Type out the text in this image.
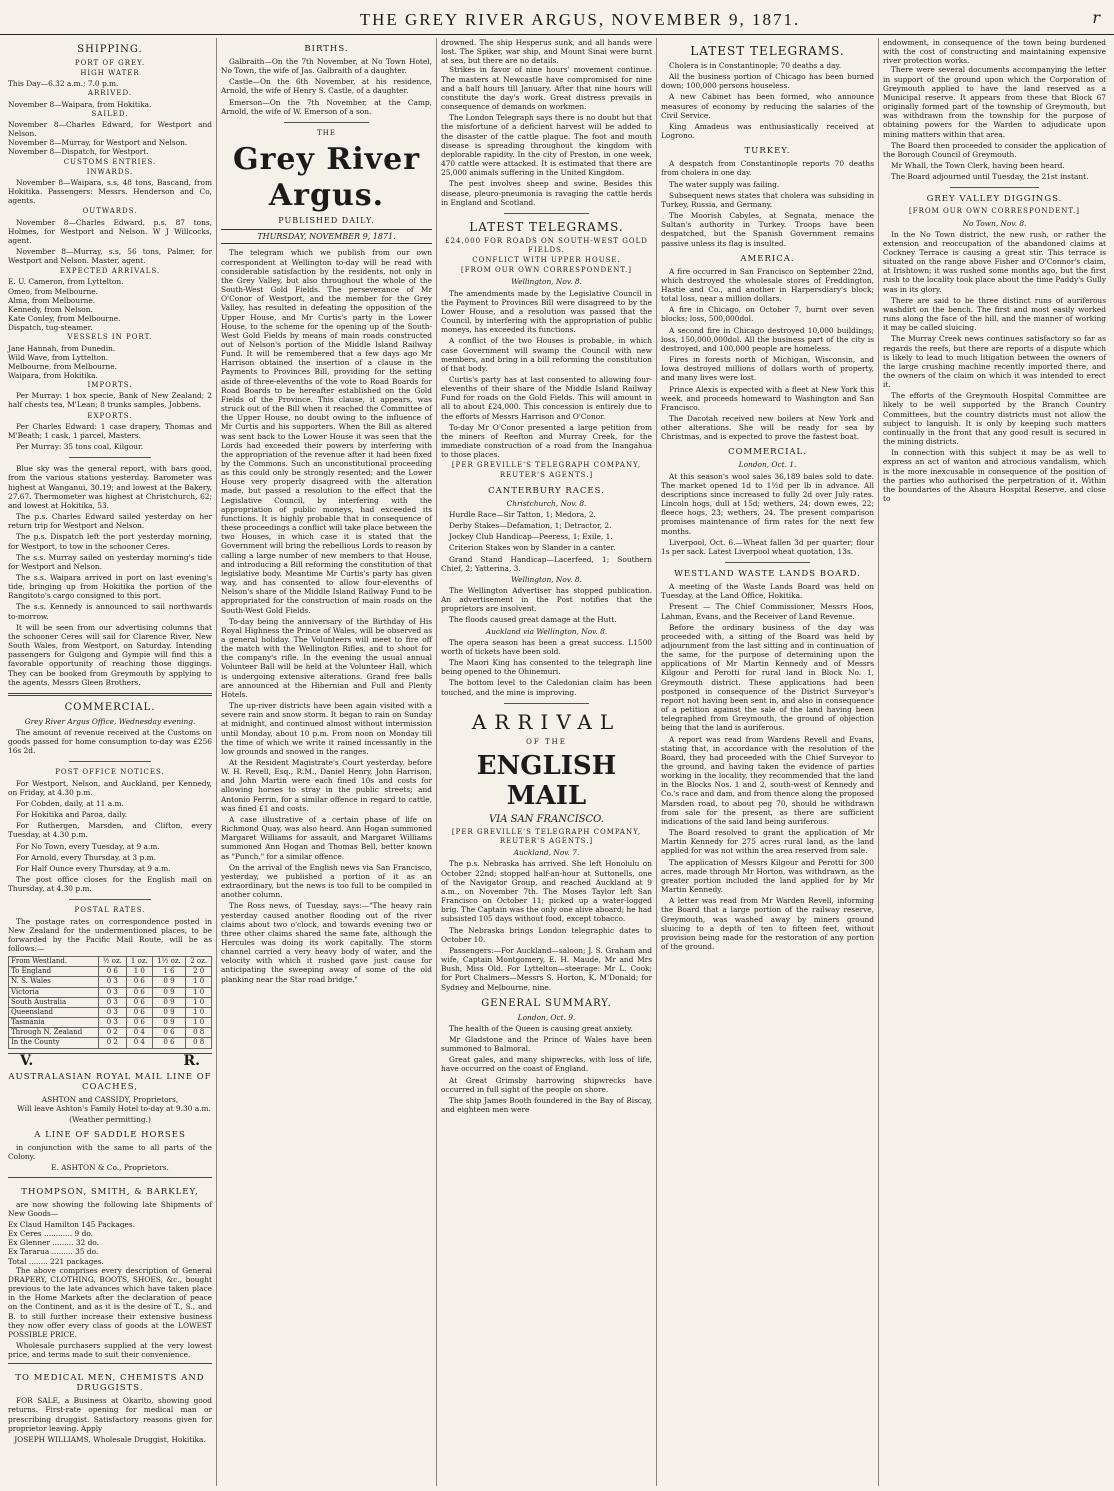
THE GREY RIVER ARGUS, NOVEMBER 9, 1871.	r
SHIPPING.
PORT OF GREY.
HIGH WATER

This Day—6.32 a.m.; 7.0 p.m.

ARRIVED.

November 8—Waipara, from Hokitika.

SAILED.

November 8—Charles Edward, for Westport and Nelson.

November 8—Murray, for Westport and Nelson.

November 8—Dispatch, for Westport.

CUSTOMS ENTRIES.
INWARDS.

November 8—Waipara, s.s, 48 tons, Bascand, from Hokitika. Passengers: Messrs. Henderson and Co, agents.

OUTWARDS.

November 8—Charles Edward, p.s, 87 tons, Holmes, for Westport and Nelson. W J Willcocks, agent.

November 8—Murray, s.s, 56 tons, Palmer, for Westport and Nelson. Master, agent.

EXPECTED ARRIVALS.

E. U. Cameron, from Lyttelton.

Omeo, from Melbourne.

Alma, from Melbourne.

Kennedy, from Nelson.

Kate Conley, from Melbourne.

Dispatch, tug-steamer.

VESSELS IN PORT.

Jane Hannah, from Dunedin.

Wild Wave, from Lyttelton.

Melbourne, from Melbourne.

Waipara, from Hokitika.

IMPORTS.

Per Murray: 1 box specie, Bank of New Zealand; 2 half chests tea, M'Lean; 8 trunks samples, Jobbens.

EXPORTS.

Per Charles Edward: 1 case drapery, Thomas and M'Beath; 1 cask, 1 parcel, Masters.

Per Murray: 35 tons coal, Kilgour.

Blue sky was the general report, with bars good, from the various stations yesterday. Barometer was highest at Wanganui, 30.19; and lowest at the Bakery, 27.67. Thermometer was highest at Christchurch, 62; and lowest at Hokitika, 53.

The p.s. Charles Edward sailed yesterday on her return trip for Westport and Nelson.

The p.s. Dispatch left the port yesterday morning, for Westport, to tow in the schooner Ceres.

The s.s. Murray sailed on yesterday morning's tide for Westport and Nelson.

The s.s. Waipara arrived in port on last evening's tide, bringing up from Hokitika the portion of the Rangitoto's cargo consigned to this port.

The s.s. Kennedy is announced to sail northwards to-morrow.

It will be seen from our advertising columns that the schooner Ceres will sail for Clarence River, New South Wales, from Westport, on Saturday. Intending passengers for Gulgong and Gympie will find this a favorable opportunity of reaching those diggings. They can be booked from Greymouth by applying to the agents, Messrs Gleen Brothers.

COMMERCIAL.
Grey River Argus Office, Wednesday evening.

The amount of revenue received at the Customs on goods passed for home consumption to-day was £256 16s 2d.

POST OFFICE NOTICES.

For Westport, Nelson, and Auckland, per Kennedy, on Friday, at 4.30 p.m.

For Cobden, daily, at 11 a.m.

For Hokitika and Paroa, daily.

For Ruthergen, Marsden, and Clifton, every Tuesday, at 4.30 p.m.

For No Town, every Tuesday, at 9 a.m.

For Arnold, every Thursday, at 3 p.m.

For Half Ounce every Thursday, at 9 a.m.

The post office closes for the English mail on Thursday, at 4.30 p.m.

POSTAL RATES.

The postage rates on correspondence posted in New Zealand for the undermentioned places, to be forwarded by the Pacific Mail Route, will be as follows:—

From Westland.	½ oz.	1 oz.	1½ oz.	2 oz.
To England	0 6	1 0	1 6	2 0
N. S. Wales	0 3	0 6	0 9	1 0
Victoria	0 3	0 6	0 9	1 0
South Australia	0 3	0 6	0 9	1 0
Queensland	0 3	0 6	0 9	1 0
Tasmania	0 3	0 6	0 9	1 0
Through N. Zealand	0 2	0 4	0 6	0 8
In the County	0 2	0 4	0 6	0 8
V.	R.
AUSTRALASIAN ROYAL MAIL LINE OF COACHES,
ASHTON and CASSIDY, Proprietors,

Will leave Ashton's Family Hotel to-day at 9.30 a.m.

(Weather permitting.)
A LINE OF SADDLE HORSES

in conjunction with the same to all parts of the Colony.

E. ASHTON & Co., Proprietors.
THOMPSON, SMITH, & BARKLEY,

are now showing the following late Shipments of New Goods—

Ex Claud Hamilton 145 Packages.

Ex Ceres ............ 9 do.

Ex Glenner ......... 32 do.

Ex Tararua ......... 35 do.

Total ........ 221 packages.

The above comprises every description of General DRAPERY, CLOTHING, BOOTS, SHOES, &c., bought previous to the late advances which have taken place in the Home Markets after the declaration of peace on the Continent, and as it is the desire of T., S., and B. to still further increase their extensive business they now offer every class of goods at the LOWEST POSSIBLE PRICE.

Wholesale purchasers supplied at the very lowest price, and terms made to suit their convenience.

TO MEDICAL MEN, CHEMISTS AND DRUGGISTS.

FOR SALE, a Business at Okarito, showing good returns. First-rate opening for medical man or prescribing druggist. Satisfactory reasons given for proprietor leaving. Apply

JOSEPH WILLIAMS, Wholesale Druggist, Hokitika.
BIRTHS.

Galbraith—On the 7th November, at No Town Hotel, No Town, the wife of Jas. Galbraith of a daughter.

Castle—On the 6th November, at his residence, Arnold, the wife of Henry S. Castle, of a daughter.

Emerson—On the 7th November, at the Camp, Arnold, the wife of W. Emerson of a son.

THE
Grey River Argus.
PUBLISHED DAILY.
THURSDAY, NOVEMBER 9, 1871.

The telegram which we publish from our own correspondent at Wellington to-day will be read with considerable satisfaction by the residents, not only in the Grey Valley, but also throughout the whole of the South-West Gold Fields. The perseverance of Mr O'Conor of Westport, and the member for the Grey Valley, has resulted in defeating the opposition of the Upper House, and Mr Curtis's party in the Lower House, to the scheme for the opening up of the South-West Gold Fields by means of main roads constructed out of Nelson's portion of the Middle Island Railway Fund. It will be remembered that a few days ago Mr Harrison obtained the insertion of a clause in the Payments to Provinces Bill, providing for the setting aside of three-elevenths of the vote to Road Boards for Road Boards to be hereafter established on the Gold Fields of the Province. This clause, it appears, was struck out of the Bill when it reached the Committee of the Upper House, no doubt owing to the influence of Mr Curtis and his supporters. When the Bill as altered was sent back to the Lower House it was seen that the Lords had exceeded their powers by interfering with the appropriation of the revenue after it had been fixed by the Commons. Such an unconstitutional proceeding as this could only be strongly resented; and the Lower House very properly disagreed with the alteration made, but passed a resolution to the effect that the Legislative Council, by interfering with the appropriation of public moneys, had exceeded its functions. It is highly probable that in consequence of these proceedings a conflict will take place between the two Houses, in which case it is stated that the Government will bring the rebellious Lords to reason by calling a large number of new members to that House, and introducing a Bill reforming the constitution of that legislative body. Meantime Mr Curtis's party has given way, and has consented to allow four-elevenths of Nelson's share of the Middle Island Railway Fund to be appropriated for the construction of main roads on the South-West Gold Fields.

To-day being the anniversary of the Birthday of His Royal Highness the Prince of Wales, will be observed as a general holiday. The Volunteers will meet to fire off the match with the Wellington Rifles, and to shoot for the company's rifle. In the evening the usual annual Volunteer Ball will be held at the Volunteer Hall, which is undergoing extensive alterations. Grand free balls are announced at the Hibernian and Full and Plenty Hotels.

The up-river districts have been again visited with a severe rain and snow storm. It began to rain on Sunday at midnight, and continued almost without intermission until Monday, about 10 p.m. From noon on Monday till the time of which we write it rained incessantly in the low grounds and snowed in the ranges.

At the Resident Magistrate's Court yesterday, before W. H. Revell, Esq., R.M., Daniel Henry, John Harrison, and John Martin were each fined 10s and costs for allowing horses to stray in the public streets; and Antonio Ferrin, for a similar offence in regard to cattle, was fined £1 and costs.

A case illustrative of a certain phase of life on Richmond Quay, was also heard. Ann Hogan summoned Margaret Williams for assault, and Margaret Williams summoned Ann Hogan and Thomas Bell, better known as "Punch," for a similar offence.

On the arrival of the English news via San Francisco, yesterday, we published a portion of it as an extraordinary, but the news is too full to be compiled in another column.

The Ross news, of Tuesday, says:—"The heavy rain yesterday caused another flooding out of the river claims about two o'clock, and towards evening two or three other claims shared the same fate, although the Hercules was doing its work capitally. The storm channel carried a very heavy body of water, and the velocity with which it rushed gave just cause for anticipating the sweeping away of some of the old planking near the Star road bridge."

drowned. The ship Hesperus sunk, and all hands were lost. The Spiker, war ship, and Mount Sinai were burnt at sea, but there are no details.

Strikes in favor of nine hours' movement continue. The masters at Newcastle have compromised for nine and a half hours till January. After that nine hours will constitute the day's work. Great distress prevails in consequence of demands on workmen.

The London Telegraph says there is no doubt but that the misfortune of a deficient harvest will be added to the disaster of the cattle plague. The foot and mouth disease is spreading throughout the kingdom with deplorable rapidity. In the city of Preston, in one week, 470 cattle were attacked. It is estimated that there are 25,000 animals suffering in the United Kingdom.

The pest involves sheep and swine. Besides this disease, pleuro-pneumonia is ravaging the cattle herds in England and Scotland.

LATEST TELEGRAMS.
£24,000 FOR ROADS ON SOUTH-WEST GOLD FIELDS.
CONFLICT WITH UPPER HOUSE.
[FROM OUR OWN CORRESPONDENT.]
Wellington, Nov. 8.

The amendments made by the Legislative Council in the Payment to Provinces Bill were disagreed to by the Lower House, and a resolution was passed that the Council, by interfering with the appropriation of public moneys, has exceeded its functions.

A conflict of the two Houses is probable, in which case Government will swamp the Council with new members, and bring in a bill reforming the constitution of that body.

Curtis's party has at last consented to allowing four-elevenths of their share of the Middle Island Railway Fund for roads on the Gold Fields. This will amount in all to about £24,000. This concession is entirely due to the efforts of Messrs Harrison and O'Conor.

To-day Mr O'Conor presented a large petition from the miners of Reefton and Murray Creek, for the immediate construction of a road from the Inangahua to those places.

[PER GREVILLE'S TELEGRAPH COMPANY, REUTER'S AGENTS.]
CANTERBURY RACES.
Christchurch, Nov. 8.

Hurdle Race—Sir Tatton, 1; Medora, 2.

Derby Stakes—Defamation, 1; Detractor, 2.

Jockey Club Handicap—Peeress, 1; Exile, 1.

Criterion Stakes won by Slander in a canter.

Grand Stand Handicap—Lacerfeed, 1; Southern Chief, 2; Yatterina, 3.

Wellington, Nov. 8.

The Wellington Advertiser has stopped publication. An advertisement in the Post notifies that the proprietors are insolvent.

The floods caused great damage at the Hutt.

Auckland via Wellington, Nov. 8.

The opera season has been a great success. L1500 worth of tickets have been sold.

The Maori King has consented to the telegraph line being opened to the Ohinemuri.

The bottom level to the Caledonian claim has been touched, and the mine is improving.

ARRIVAL
OF THE
ENGLISH MAIL
VIA SAN FRANCISCO.
[PER GREVILLE'S TELEGRAPH COMPANY, REUTER'S AGENTS.]
Auckland, Nov. 7.

The p.s. Nebraska has arrived. She left Honolulu on October 22nd; stopped half-an-hour at Suttonells, one of the Navigator Group, and reached Auckland at 9 a.m., on November 7th. The Moses Taylor left San Francisco on October 11; picked up a water-logged brig. The Captain was the only one alive aboard; he had subsisted 105 days without food, except tobacco.

The Nebraska brings London telegraphic dates to October 10.

Passengers:—For Auckland—saloon; J. S. Graham and wife, Captain Montgomery, E. H. Maude, Mr and Mrs Bush, Miss Old. For Lyttelton—steerage: Mr L. Cook; for Port Chalmers—Messrs S. Horton, K. M'Donald; for Sydney and Melbourne, nine.

GENERAL SUMMARY.
London, Oct. 9.

The health of the Queen is causing great anxiety.

Mr Gladstone and the Prince of Wales have been summoned to Balmoral.

Great gales, and many shipwrecks, with loss of life, have occurred on the coast of England.

At Great Grimsby harrowing shipwrecks have occurred in full sight of the people on shore.

The ship James Booth foundered in the Bay of Biscay, and eighteen men were

LATEST TELEGRAMS.

Cholera is in Constantinople; 70 deaths a day.

All the business portion of Chicago has been burned down; 100,000 persons houseless.

A new Cabinet has been formed, who announce measures of economy by reducing the salaries of the Civil Service.

King Amadeus was enthusiastically received at Logrono.

TURKEY.

A despatch from Constantinople reports 70 deaths from cholera in one day.

The water supply was failing.

Subsequent news states that cholera was subsiding in Turkey, Russia, and Germany.

The Moorish Cabyles, at Segnata, menace the Sultan's authority in Turkey. Troops have been despatched, but the Spanish Government remains passive unless its flag is insulted.

AMERICA.

A fire occurred in San Francisco on September 22nd, which destroyed the wholesale stores of Freddington, Hastie and Co., and another in Harpersdiary's block; total loss, near a million dollars.

A fire in Chicago, on October 7, burnt over seven blocks; loss, 500,000dol.

A second fire in Chicago destroyed 10,000 buildings; loss, 150,000,000dol. All the business part of the city is destroyed, and 100,000 people are homeless.

Fires in forests north of Michigan, Wisconsin, and Iowa destroyed millions of dollars worth of property, and many lives were lost.

Prince Alexis is expected with a fleet at New York this week, and proceeds homeward to Washington and San Francisco.

The Dacotah received new boilers at New York and other alterations. She will be ready for sea by Christmas, and is expected to prove the fastest boat.

COMMERCIAL.
London, Oct. 1.

At this season's wool sales 36,189 bales sold to date. The market opened 1d to 1½d per lb in advance. All descriptions since increased to fully 2d over July rates. Lincoln hogs, dull at 15d; wethers, 24; down ewes, 22; fleece hogs, 23; wethers, 24. The present comparison promises maintenance of firm rates for the next few months.

Liverpool, Oct. 6.—Wheat fallen 3d per quarter; flour 1s per sack. Latest Liverpool wheat quotation, 13s.

WESTLAND WASTE LANDS BOARD.

A meeting of the Waste Lands Board was held on Tuesday, at the Land Office, Hokitika.

Present — The Chief Commissioner, Messrs Hoos, Lahman, Evans, and the Receiver of Land Revenue.

Before the ordinary business of the day was proceeded with, a sitting of the Board was held by adjournment from the last sitting and in continuation of the same, for the purpose of determining upon the applications of Mr Martin Kennedy and of Messrs Kilgour and Perotti for rural land in Block No. 1, Greymouth district. These applications had been postponed in consequence of the District Surveyor's report not having been sent in, and also in consequence of a petition against the sale of the land having been telegraphed from Greymouth, the ground of objection being that the land is auriferous.

A report was read from Wardens Revell and Evans, stating that, in accordance with the resolution of the Board, they had proceeded with the Chief Surveyor to the ground, and having taken the evidence of parties working in the locality, they recommended that the land in the Blocks Nos. 1 and 2, south-west of Kennedy and Co.'s race and dam, and from thence along the proposed Marsden road, to about peg 70, should be withdrawn from sale for the present, as there are sufficient indications of the said land being auriferous.

The Board resolved to grant the application of Mr Martin Kennedy for 275 acres rural land, as the land applied for was not within the area reserved from sale.

The application of Messrs Kilgour and Perotti for 300 acres, made through Mr Horton, was withdrawn, as the greater portion included the land applied for by Mr Martin Kennedy.

A letter was read from Mr Warden Revell, informing the Board that a large portion of the railway reserve, Greymouth, was washed away by miners ground sluicing to a depth of ten to fifteen feet, without provision being made for the restoration of any portion of the ground.

endowment, in consequence of the town being burdened with the cost of constructing and maintaining expensive river protection works.

There were several documents accompanying the letter in support of the ground upon which the Corporation of Greymouth applied to have the land reserved as a Municipal reserve. It appears from these that Block 67 originally formed part of the township of Greymouth, but was withdrawn from the township for the purpose of obtaining powers for the Warden to adjudicate upon mining matters within that area.

The Board then proceeded to consider the application of the Borough Council of Greymouth.

Mr Whall, the Town Clerk, having been heard.

The Board adjourned until Tuesday, the 21st instant.

GREY VALLEY DIGGINGS.
[FROM OUR OWN CORRESPONDENT.]
No Town, Nov. 8.

In the No Town district, the new rush, or rather the extension and reoccupation of the abandoned claims at Cockney Terrace is causing a great stir. This terrace is situated on the range above Fisher and O'Connor's claim, at Irishtown; it was rushed some months ago, but the first rush to the locality took place about the time Paddy's Gully was in its glory.

There are said to be three distinct runs of auriferous washdirt on the bench. The first and most easily worked runs along the face of the hill, and the manner of working it may be called sluicing.

The Murray Creek news continues satisfactory so far as regards the reefs, but there are reports of a dispute which is likely to lead to much litigation between the owners of the large crushing machine recently imported there, and the owners of the claim on which it was intended to erect it.

The efforts of the Greymouth Hospital Committee are likely to be well supported by the Branch Country Committees, but the country districts must not allow the subject to languish. It is only by keeping such matters continually in the front that any good result is secured in the mining districts.

In connection with this subject it may be as well to express an act of wanton and atrocious vandalism, which is the more inexcusable in consequence of the position of the parties who authorised the perpetration of it. Within the boundaries of the Ahaura Hospital Reserve, and close to
